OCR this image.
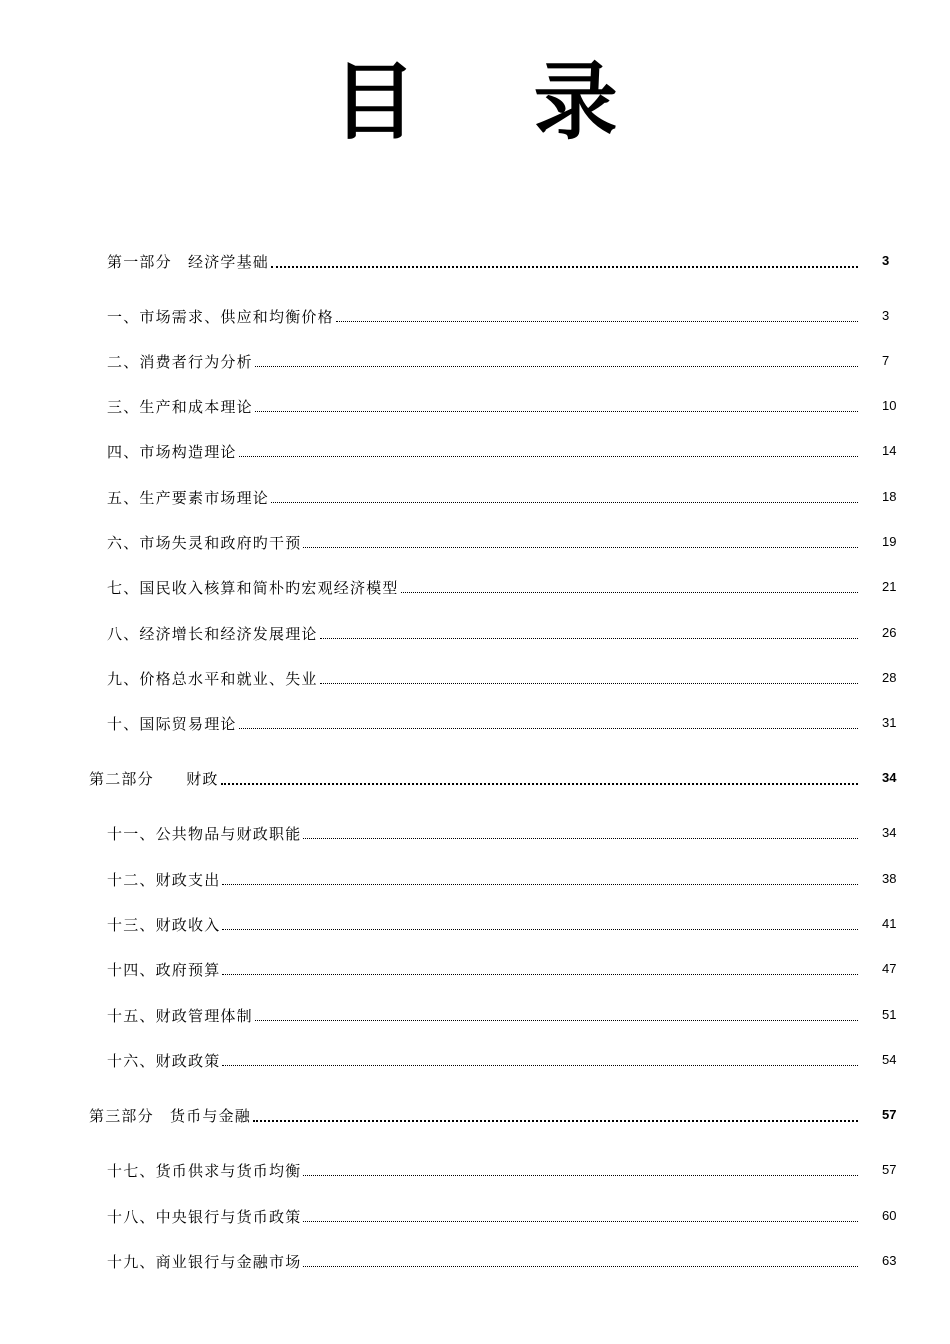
目 录
第一部分　经济学基础	3
一、市场需求、供应和均衡价格	3
二、消费者行为分析	7
三、生产和成本理论	10
四、市场构造理论	14
五、生产要素市场理论	18
六、市场失灵和政府旳干预	19
七、国民收入核算和简朴旳宏观经济模型	21
八、经济增长和经济发展理论	26
九、价格总水平和就业、失业	28
十、国际贸易理论	31
第二部分　　财政	34
十一、公共物品与财政职能	34
十二、财政支出	38
十三、财政收入	41
十四、政府预算	47
十五、财政管理体制	51
十六、财政政策	54
第三部分　货币与金融	57
十七、货币供求与货币均衡	57
十八、中央银行与货币政策	60
十九、商业银行与金融市场	63
